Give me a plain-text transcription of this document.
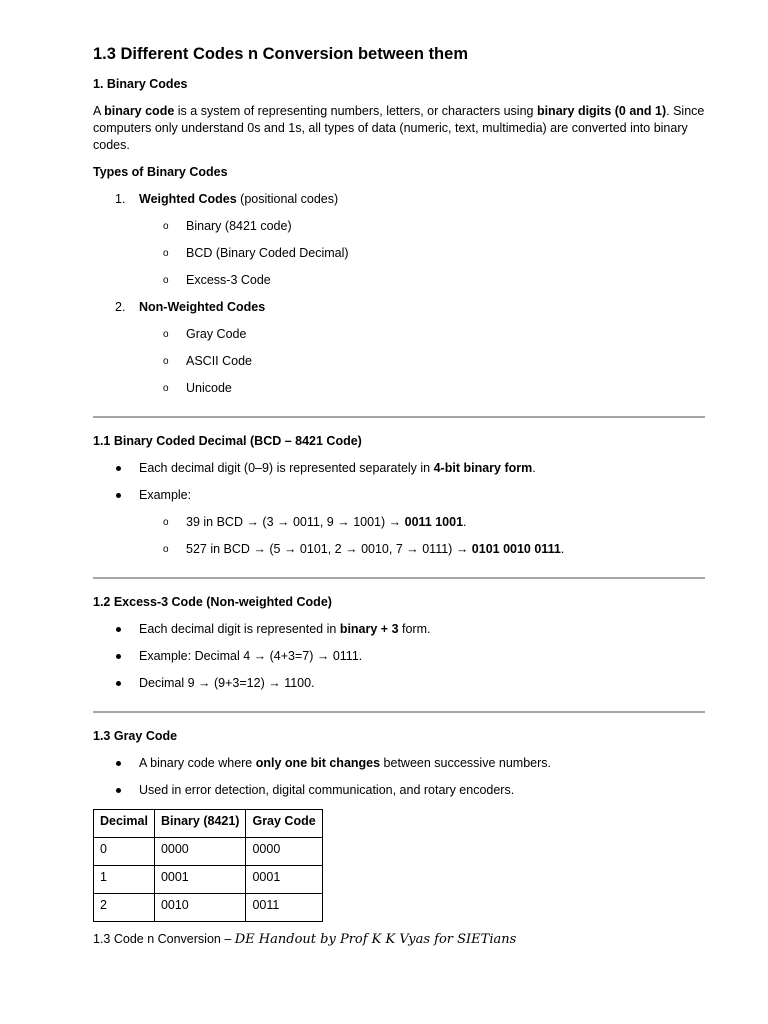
1.3 Different Codes n Conversion between them
1. Binary Codes

A binary code is a system of representing numbers, letters, or characters using binary digits (0 and 1). Since computers only understand 0s and 1s, all types of data (numeric, text, multimedia) are converted into binary codes.

Types of Binary Codes
1. Weighted Codes (positional codes)
o Binary (8421 code)
o BCD (Binary Coded Decimal)
o Excess-3 Code
2. Non-Weighted Codes
o Gray Code
o ASCII Code
o Unicode
1.1 Binary Coded Decimal (BCD – 8421 Code)
Each decimal digit (0–9) is represented separately in 4-bit binary form.
Example:
o 39 in BCD → (3 → 0011, 9 → 1001) → 0011 1001.
o 527 in BCD → (5 → 0101, 2 → 0010, 7 → 0111) → 0101 0010 0111.
1.2 Excess-3 Code (Non-weighted Code)
Each decimal digit is represented in binary + 3 form.
Example: Decimal 4 → (4+3=7) → 0111.
Decimal 9 → (9+3=12) → 1100.
1.3 Gray Code
A binary code where only one bit changes between successive numbers.
Used in error detection, digital communication, and rotary encoders.
Decimal	Binary (8421)	Gray Code
0	0000	0000
1	0001	0001
2	0010	0011
1.3 Code n Conversion – DE Handout by Prof K K Vyas for SIETians
